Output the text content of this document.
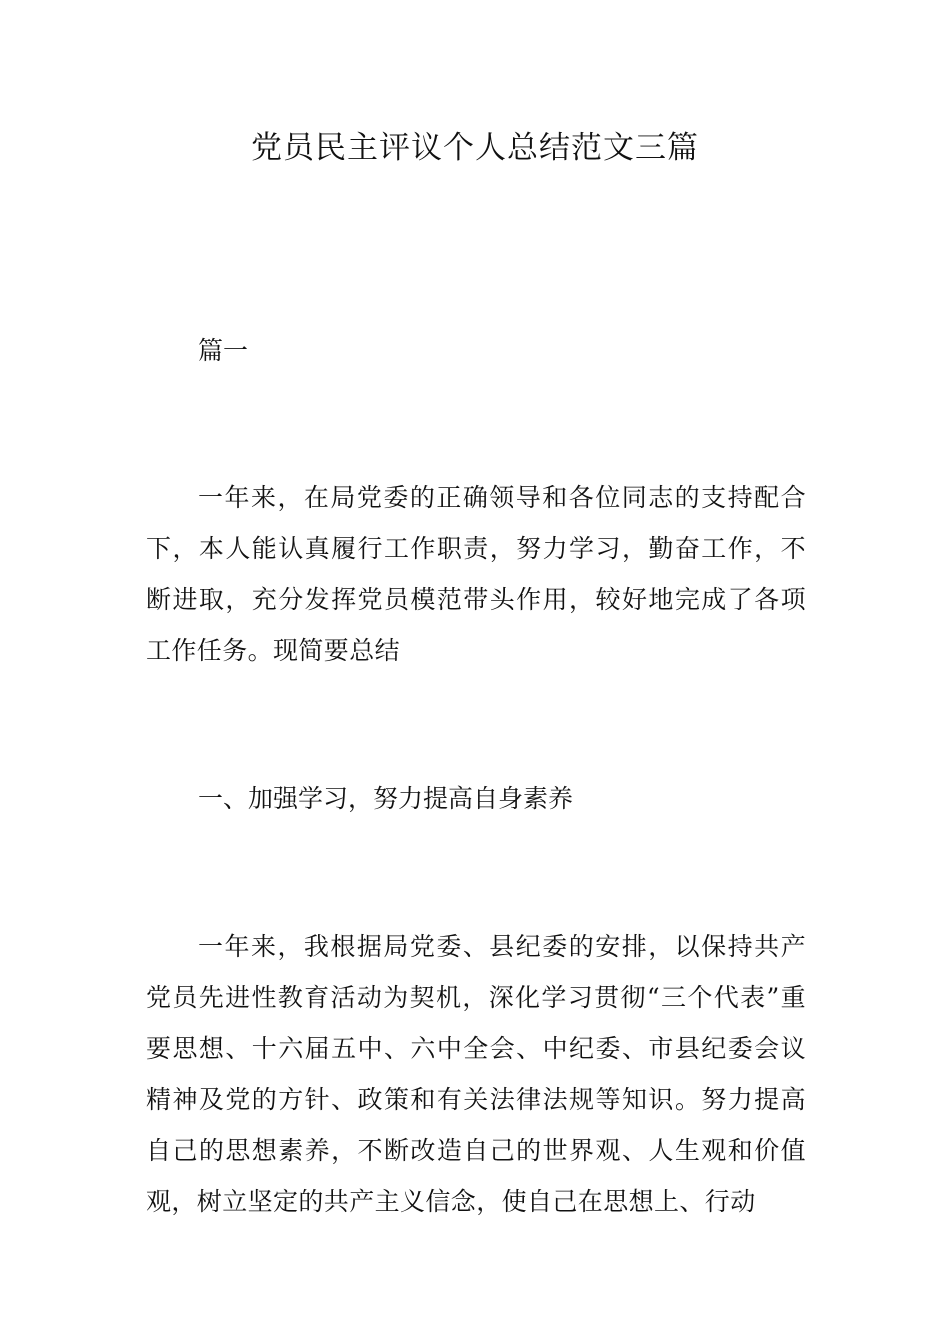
党员民主评议个人总结范文三篇
篇一

一年来，在局党委的正确领导和各位同志的支持配合下，本人能认真履行工作职责，努力学习，勤奋工作，不断进取，充分发挥党员模范带头作用，较好地完成了各项工作任务。现简要总结

一、加强学习，努力提高自身素养

一年来，我根据局党委、县纪委的安排，以保持共产党员先进性教育活动为契机，深化学习贯彻“三个代表”重要思想、十六届五中、六中全会、中纪委、市县纪委会议精神及党的方针、政策和有关法律法规等知识。努力提高自己的思想素养，不断改造自己的世界观、人生观和价值观，树立坚定的共产主义信念，使自己在思想上、行动
